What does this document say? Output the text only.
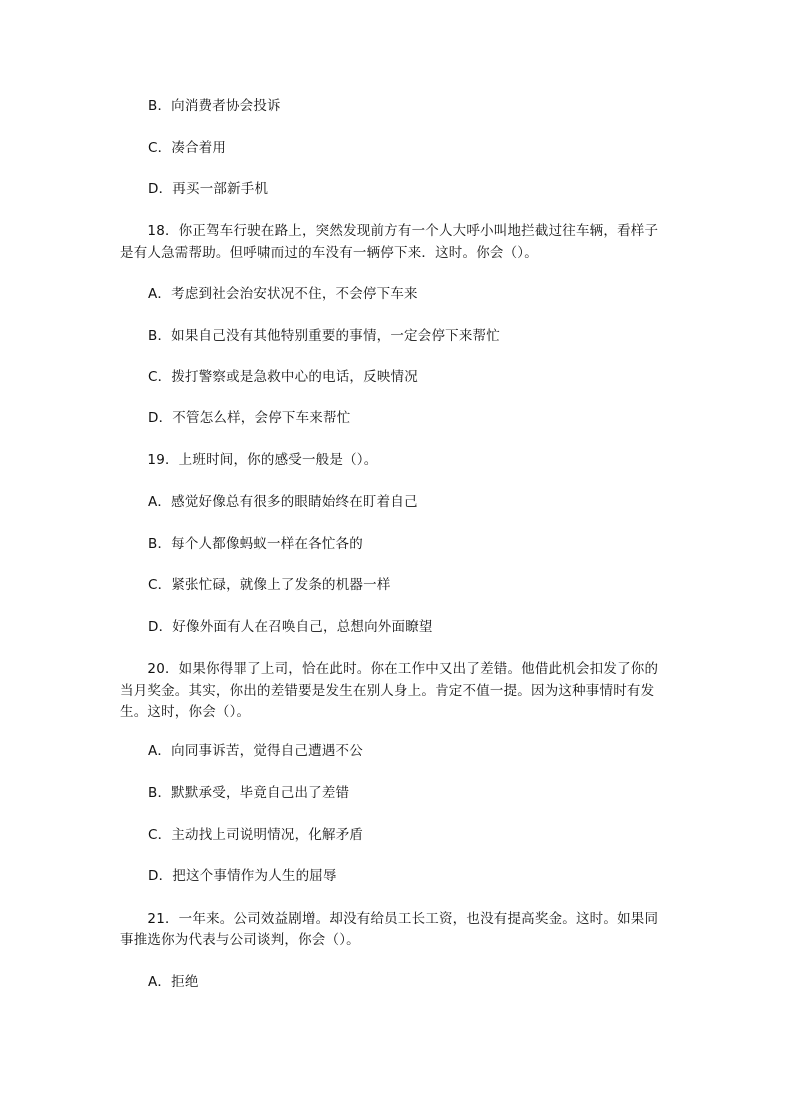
B．向消费者协会投诉
C．凑合着用
D．再买一部新手机
　　18．你正驾车行驶在路上，突然发现前方有一个人大呼小叫地拦截过往车辆，看样子
是有人急需帮助。但呼啸而过的车没有一辆停下来．这时。你会（）。
A．考虑到社会治安状况不住，不会停下车来
B．如果自己没有其他特别重要的事情，一定会停下来帮忙
C．拨打警察或是急救中心的电话，反映情况
D．不管怎么样，会停下车来帮忙
　　19．上班时间，你的感受一般是（）。
A．感觉好像总有很多的眼睛始终在盯着自己
B．每个人都像蚂蚁一样在各忙各的
C．紧张忙碌，就像上了发条的机器一样
D．好像外面有人在召唤自己，总想向外面瞭望
　　20．如果你得罪了上司，恰在此时。你在工作中又出了差错。他借此机会扣发了你的
当月奖金。其实，你出的差错要是发生在别人身上。肯定不值一提。因为这种事情时有发
生。这时，你会（）。
A．向同事诉苦，觉得自己遭遇不公
B．默默承受，毕竟自己出了差错
C．主动找上司说明情况，化解矛盾
D．把这个事情作为人生的屈辱
　　21．一年来。公司效益剧增。却没有给员工长工资，也没有提高奖金。这时。如果同
事推选你为代表与公司谈判，你会（）。
A．拒绝
